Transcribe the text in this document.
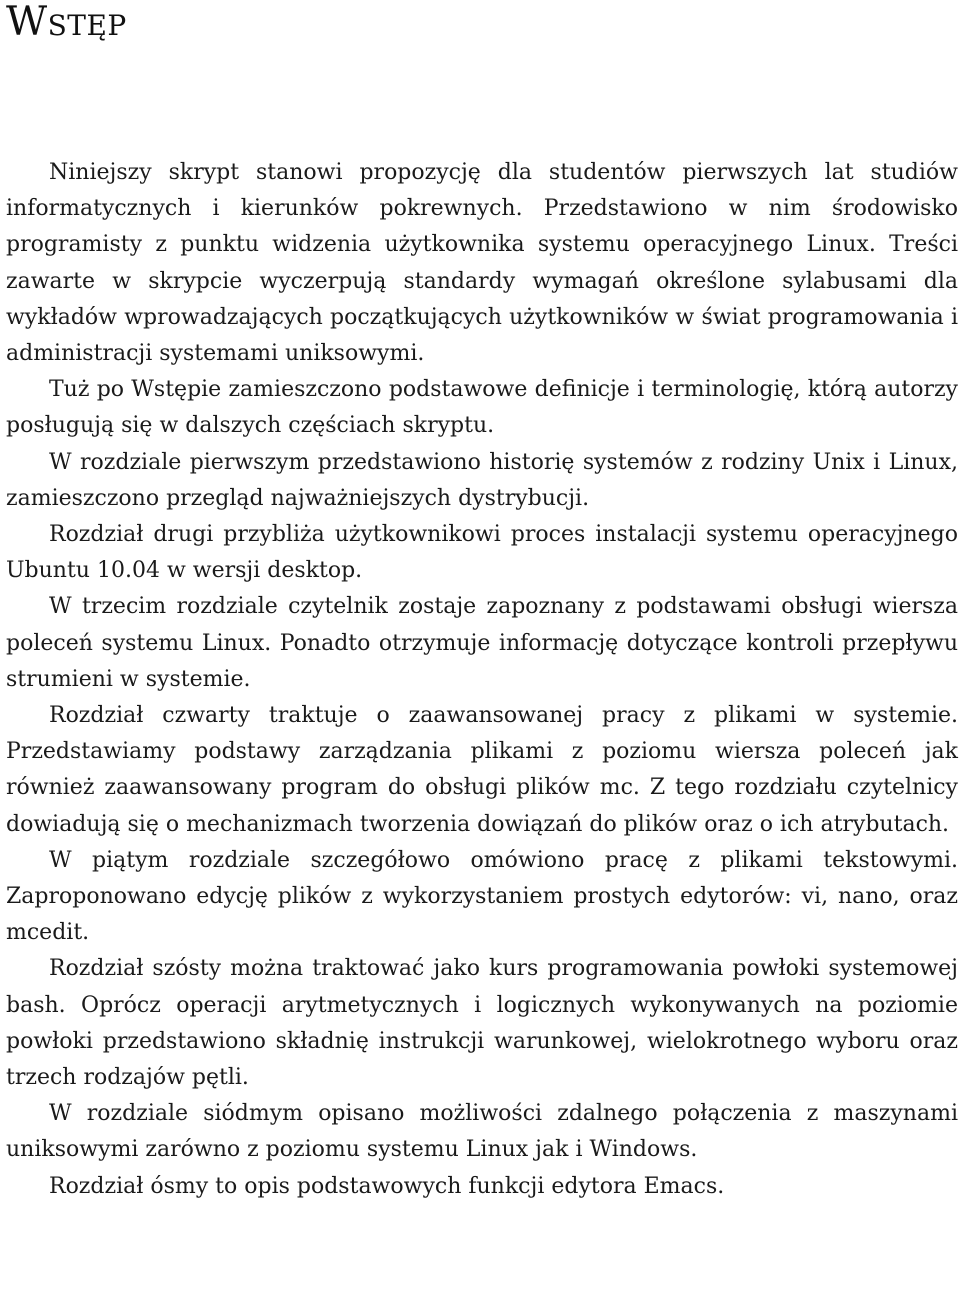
Wstęp

Niniejszy skrypt stanowi propozycję dla studentów pierwszych lat studiów informatycznych i kierunków pokrewnych. Przedstawiono w nim środowisko programisty z punktu widzenia użytkownika systemu operacyjnego Linux. Treści zawarte w skrypcie wyczerpują standardy wymagań określone sylabusami dla wykładów wprowadzających początkujących użytkowników w świat programowania i administracji systemami uniksowymi.

Tuż po Wstępie zamieszczono podstawowe definicje i terminologię, którą autorzy posługują się w dalszych częściach skryptu.

W rozdziale pierwszym przedstawiono historię systemów z rodziny Unix i Linux, zamieszczono przegląd najważniejszych dystrybucji.

Rozdział drugi przybliża użytkownikowi proces instalacji systemu operacyjnego Ubuntu 10.04 w wersji desktop.

W trzecim rozdziale czytelnik zostaje zapoznany z podstawami obsługi wiersza poleceń systemu Linux. Ponadto otrzymuje informację dotyczące kontroli przepływu strumieni w systemie.

Rozdział czwarty traktuje o zaawansowanej pracy z plikami w systemie. Przedstawiamy podstawy zarządzania plikami z poziomu wiersza poleceń jak również zaawansowany program do obsługi plików mc. Z tego rozdziału czytelnicy dowiadują się o mechanizmach tworzenia dowiązań do plików oraz o ich atrybutach.

W piątym rozdziale szczegółowo omówiono pracę z plikami tekstowymi. Zaproponowano edycję plików z wykorzystaniem prostych edytorów: vi, nano, oraz mcedit.

Rozdział szósty można traktować jako kurs programowania powłoki systemowej bash. Oprócz operacji arytmetycznych i logicznych wykonywanych na poziomie powłoki przedstawiono składnię instrukcji warunkowej, wielokrotnego wyboru oraz trzech rodzajów pętli.

W rozdziale siódmym opisano możliwości zdalnego połączenia z maszynami uniksowymi zarówno z poziomu systemu Linux jak i Windows.

Rozdział ósmy to opis podstawowych funkcji edytora Emacs.
